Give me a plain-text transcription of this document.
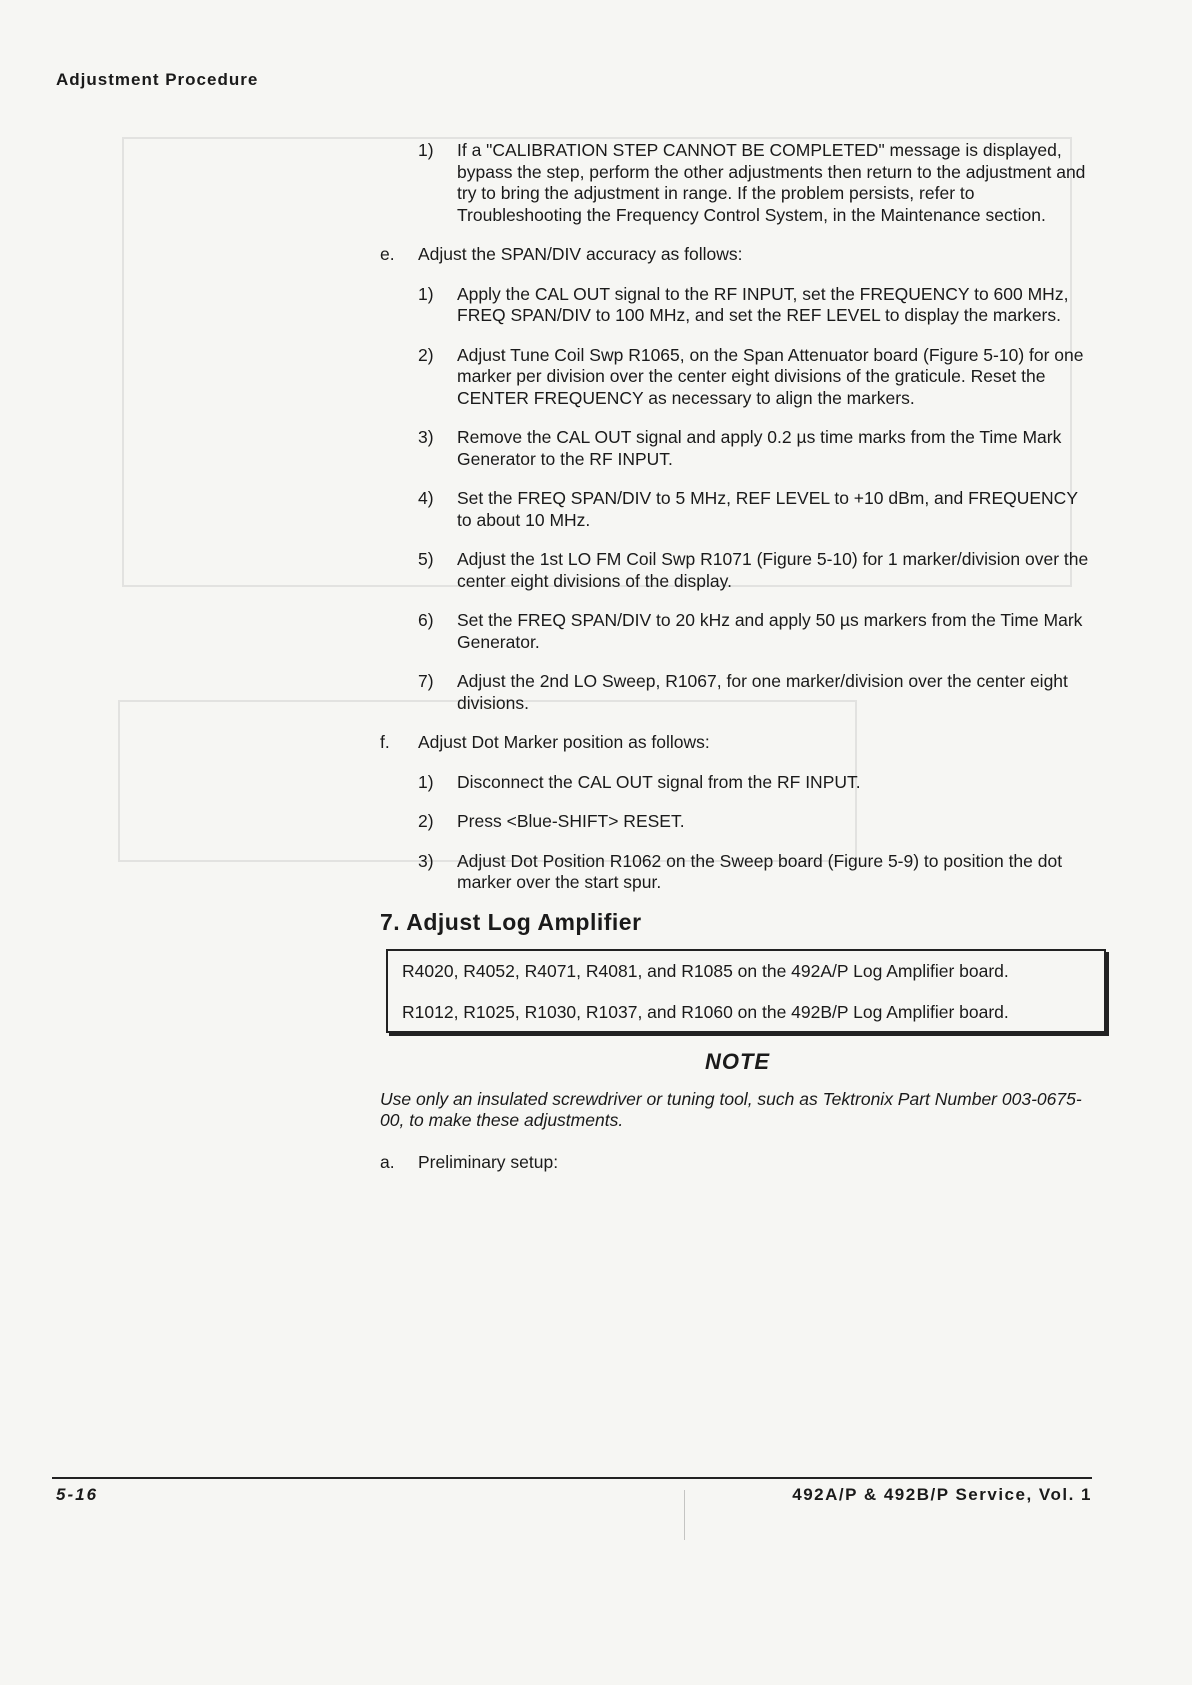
Adjustment Procedure
1) If a "CALIBRATION STEP CANNOT BE COMPLETED" message is displayed, bypass the step, perform the other adjustments then return to the adjustment and try to bring the adjustment in range. If the problem persists, refer to Troubleshooting the Frequency Control System, in the Maintenance section.
e. Adjust the SPAN/DIV accuracy as follows:
1) Apply the CAL OUT signal to the RF INPUT, set the FREQUENCY to 600 MHz, FREQ SPAN/DIV to 100 MHz, and set the REF LEVEL to display the markers.
2) Adjust Tune Coil Swp R1065, on the Span Attenuator board (Figure 5-10) for one marker per division over the center eight divisions of the graticule. Reset the CENTER FREQUENCY as necessary to align the markers.
3) Remove the CAL OUT signal and apply 0.2 µs time marks from the Time Mark Generator to the RF INPUT.
4) Set the FREQ SPAN/DIV to 5 MHz, REF LEVEL to +10 dBm, and FREQUENCY to about 10 MHz.
5) Adjust the 1st LO FM Coil Swp R1071 (Figure 5-10) for 1 marker/division over the center eight divisions of the display.
6) Set the FREQ SPAN/DIV to 20 kHz and apply 50 µs markers from the Time Mark Generator.
7) Adjust the 2nd LO Sweep, R1067, for one marker/division over the center eight divisions.
f. Adjust Dot Marker position as follows:
1) Disconnect the CAL OUT signal from the RF INPUT.
2) Press <Blue-SHIFT> RESET.
3) Adjust Dot Position R1062 on the Sweep board (Figure 5-9) to position the dot marker over the start spur.
7. Adjust Log Amplifier

R4020, R4052, R4071, R4081, and R1085 on the 492A/P Log Amplifier board.

R1012, R1025, R1030, R1037, and R1060 on the 492B/P Log Amplifier board.

NOTE
Use only an insulated screwdriver or tuning tool, such as Tektronix Part Number 003-0675-00, to make these adjustments.
a. Preliminary setup:
5-16	492A/P & 492B/P Service, Vol. 1
